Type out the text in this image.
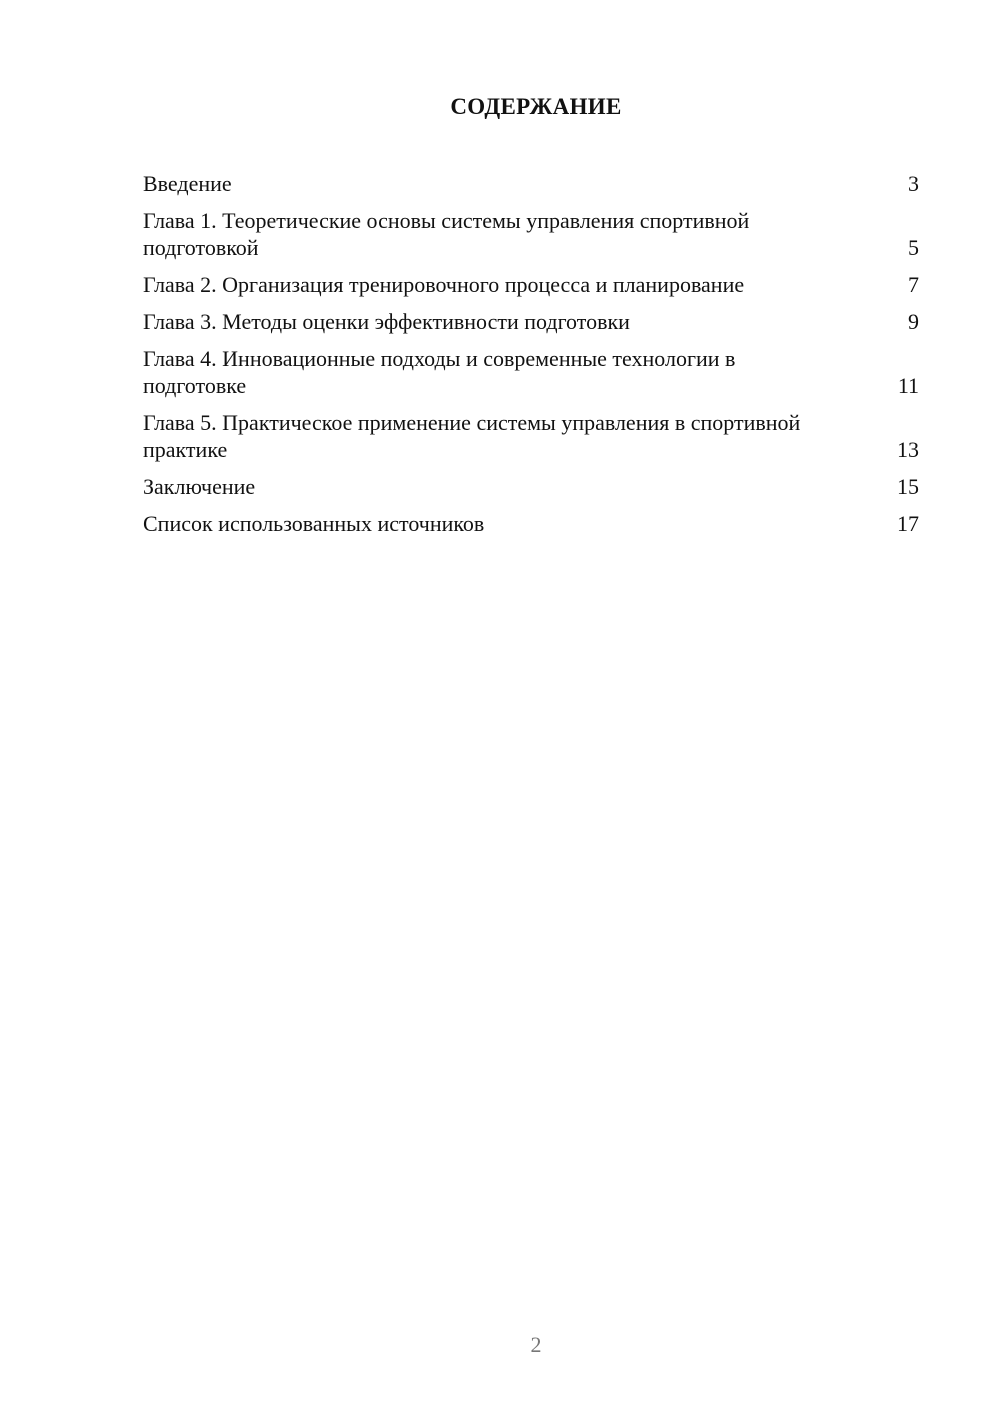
СОДЕРЖАНИЕ
Введение	3
Глава 1. Теоретические основы системы управления спортивной подготовкой	5
Глава 2. Организация тренировочного процесса и планирование	7
Глава 3. Методы оценки эффективности подготовки	9
Глава 4. Инновационные подходы и современные технологии в подготовке	11
Глава 5. Практическое применение системы управления в спортивной практике	13
Заключение	15
Список использованных источников	17
2
